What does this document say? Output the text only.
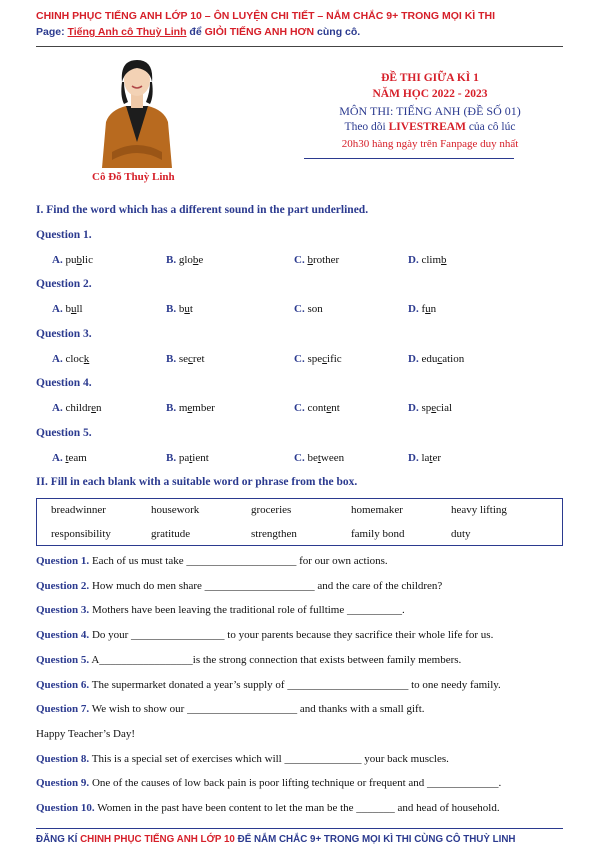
CHINH PHỤC TIẾNG ANH LỚP 10 – ÔN LUYỆN CHI TIẾT – NẮM CHẮC 9+ TRONG MỌI KÌ THI
Page: Tiếng Anh cô Thuỳ Linh để GIỎI TIẾNG ANH HƠN cùng cô.
Cô Đỗ Thuỳ Linh
ĐỀ THI GIỮA KÌ 1
NĂM HỌC 2022 - 2023
MÔN THI: TIẾNG ANH (ĐỀ SỐ 01)
Theo dõi LIVESTREAM của cô lúc
20h30 hàng ngày trên Fanpage duy nhất
I. Find the word which has a different sound in the part underlined.
Question 1.
A. public	B. globe	C. brother	D. climb
Question 2.
A. bull	B. but	C. son	D. fun
Question 3.
A. clock	B. secret	C. specific	D. education
Question 4.
A. children	B. member	C. content	D. special
Question 5.
A. team	B. patient	C. between	D. later
II. Fill in each blank with a suitable word or phrase from the box.
breadwinner	housework	groceries	homemaker	heavy lifting
responsibility	gratitude	strengthen	family bond	duty
Question 1. Each of us must take ____________________ for our own actions.
Question 2. How much do men share ____________________ and the care of the children?
Question 3. Mothers have been leaving the traditional role of fulltime __________.
Question 4. Do your _________________ to your parents because they sacrifice their whole life for us.
Question 5. A_________________is the strong connection that exists between family members.
Question 6. The supermarket donated a year’s supply of ______________________ to one needy family.
Question 7. We wish to show our ____________________ and thanks with a small gift.
Happy Teacher’s Day!
Question 8. This is a special set of exercises which will ______________ your back muscles.
Question 9. One of the causes of low back pain is poor lifting technique or frequent and _____________.
Question 10. Women in the past have been content to let the man be the _______ and head of household.
ĐĂNG KÍ CHINH PHỤC TIẾNG ANH LỚP 10 ĐỂ NẮM CHẮC 9+ TRONG MỌI KÌ THI CÙNG CÔ THUỲ LINH
